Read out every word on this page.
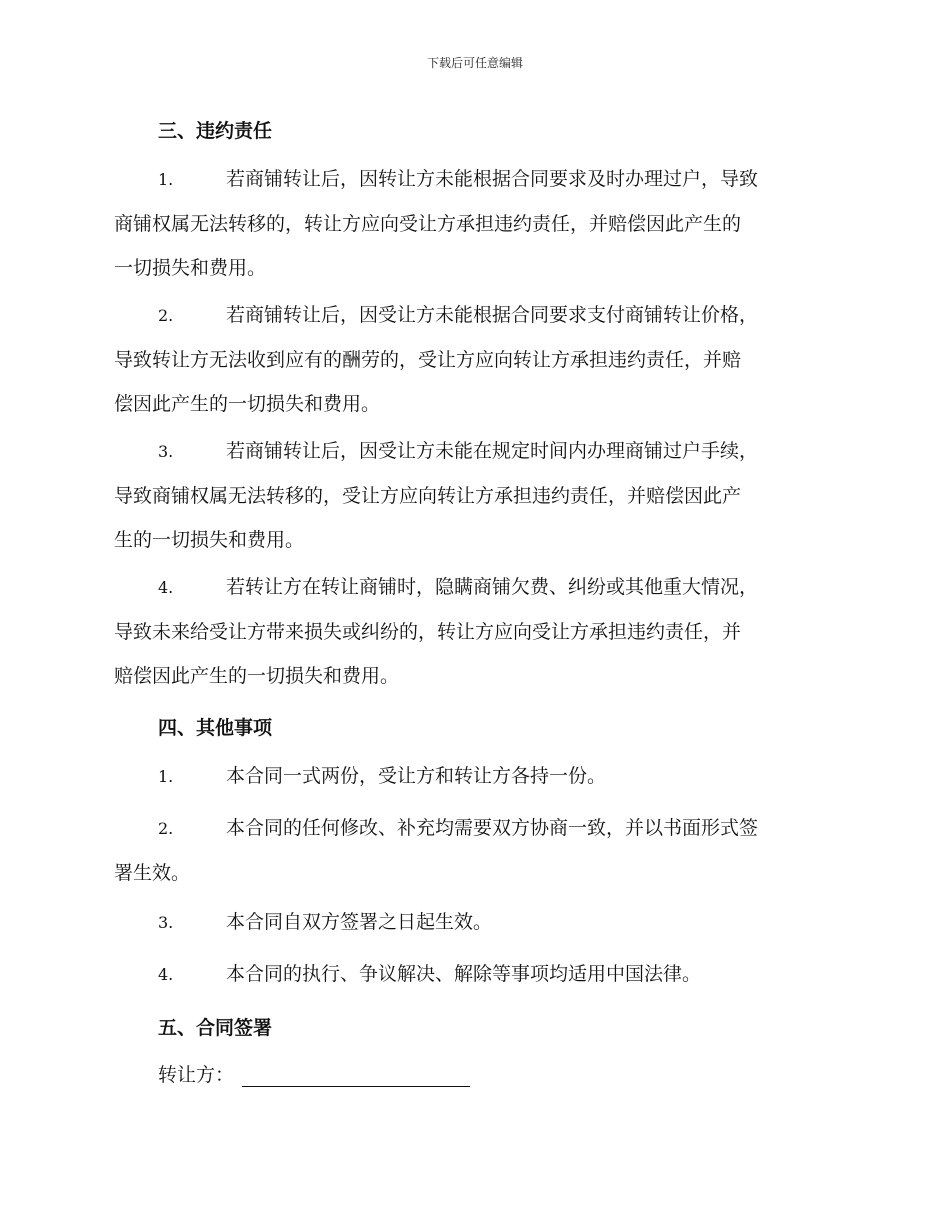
下载后可任意编辑
三、违约责任
1.	若商铺转让后，因转让方未能根据合同要求及时办理过户，导致
商铺权属无法转移的，转让方应向受让方承担违约责任，并赔偿因此产生的
一切损失和费用。
2.	若商铺转让后，因受让方未能根据合同要求支付商铺转让价格，
导致转让方无法收到应有的酬劳的，受让方应向转让方承担违约责任，并赔
偿因此产生的一切损失和费用。
3.	若商铺转让后，因受让方未能在规定时间内办理商铺过户手续，
导致商铺权属无法转移的，受让方应向转让方承担违约责任，并赔偿因此产
生的一切损失和费用。
4.	若转让方在转让商铺时，隐瞒商铺欠费、纠纷或其他重大情况，
导致未来给受让方带来损失或纠纷的，转让方应向受让方承担违约责任，并
赔偿因此产生的一切损失和费用。
四、其他事项
1.	本合同一式两份，受让方和转让方各持一份。
2.	本合同的任何修改、补充均需要双方协商一致，并以书面形式签
署生效。
3.	本合同自双方签署之日起生效。
4.	本合同的执行、争议解决、解除等事项均适用中国法律。
五、合同签署
转让方：
